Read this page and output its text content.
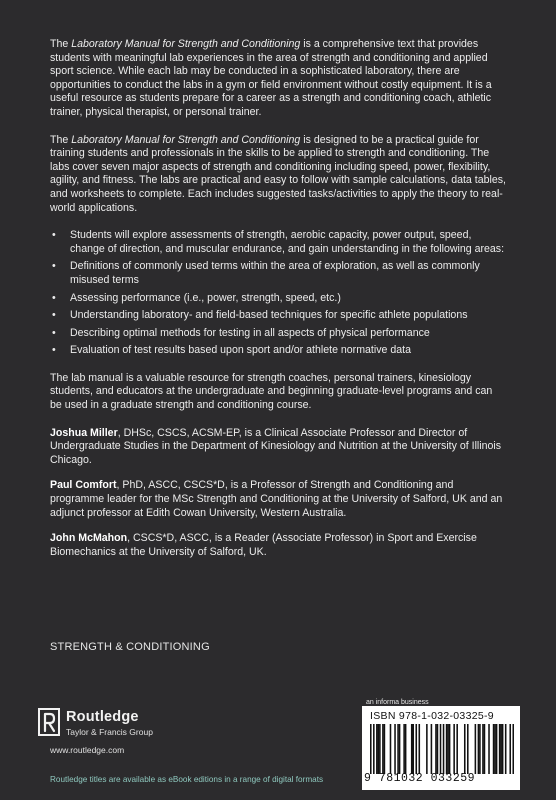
The Laboratory Manual for Strength and Conditioning is a comprehensive text that provides students with meaningful lab experiences in the area of strength and conditioning and applied sport science. While each lab may be conducted in a sophisticated laboratory, there are opportunities to conduct the labs in a gym or field environment without costly equipment. It is a useful resource as students prepare for a career as a strength and conditioning coach, athletic trainer, physical therapist, or personal trainer.

The Laboratory Manual for Strength and Conditioning is designed to be a practical guide for training students and professionals in the skills to be applied to strength and conditioning. The labs cover seven major aspects of strength and conditioning including speed, power, flexibility, agility, and fitness. The labs are practical and easy to follow with sample calculations, data tables, and worksheets to complete. Each includes suggested tasks/activities to apply the theory to real-world applications.

• Students will explore assessments of strength, aerobic capacity, power output, speed, change of direction, and muscular endurance, and gain understanding in the following areas:
• Definitions of commonly used terms within the area of exploration, as well as commonly misused terms
• Assessing performance (i.e., power, strength, speed, etc.)
• Understanding laboratory- and field-based techniques for specific athlete populations
• Describing optimal methods for testing in all aspects of physical performance
• Evaluation of test results based upon sport and/or athlete normative data

The lab manual is a valuable resource for strength coaches, personal trainers, kinesiology students, and educators at the undergraduate and beginning graduate-level programs and can be used in a graduate strength and conditioning course.

Joshua Miller, DHSc, CSCS, ACSM-EP, is a Clinical Associate Professor and Director of Undergraduate Studies in the Department of Kinesiology and Nutrition at the University of Illinois Chicago.

Paul Comfort, PhD, ASCC, CSCS*D, is a Professor of Strength and Conditioning and programme leader for the MSc Strength and Conditioning at the University of Salford, UK and an adjunct professor at Edith Cowan University, Western Australia.

John McMahon, CSCS*D, ASCC, is a Reader (Associate Professor) in Sport and Exercise Biomechanics at the University of Salford, UK.

STRENGTH & CONDITIONING
Routledge
Taylor & Francis Group
www.routledge.com
Routledge titles are available as eBook editions in a range of digital formats
an informa business
ISBN 978-1-032-03325-9
9 781032 033259
